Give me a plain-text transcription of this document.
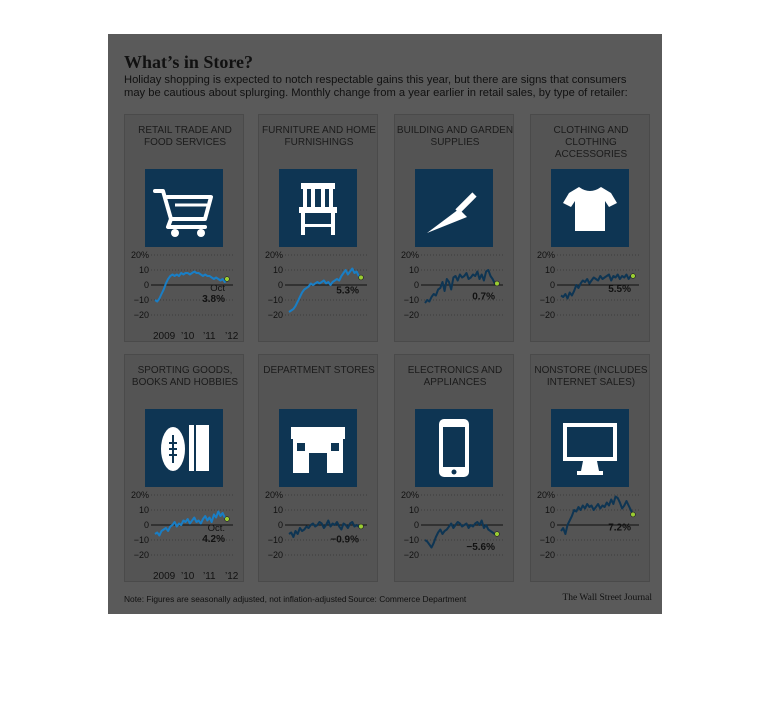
What’s in Store?
Holiday shopping is expected to notch respectable gains this year, but there are signs that consumers may be cautious about splurging. Monthly change from a year earlier in retail sales, by type of retailer:
RETAIL TRADE AND FOOD SERVICES
20%
10
0
−10
−20
Oct
3.8%
2009 ’10 ’11 ’12
FURNITURE AND HOME FURNISHINGS
20%
10
0
−10
−20
5.3%
BUILDING AND GARDEN SUPPLIES
20%
10
0
−10
−20
0.7%
CLOTHING AND CLOTHING ACCESSORIES
20%
10
0
−10
−20
5.5%
SPORTING GOODS, BOOKS AND HOBBIES
20%
10
0
−10
−20
Oct.
4.2%
2009 ’10 ’11 ’12
DEPARTMENT STORES
20%
10
0
−10
−20
−0.9%
ELECTRONICS AND APPLIANCES
20%
10
0
−10
−20
−5.6%
NONSTORE (INCLUDES INTERNET SALES)
20%
10
0
−10
−20
7.2%
Note: Figures are seasonally adjusted, not inflation-adjusted Source: Commerce Department	The Wall Street Journal
